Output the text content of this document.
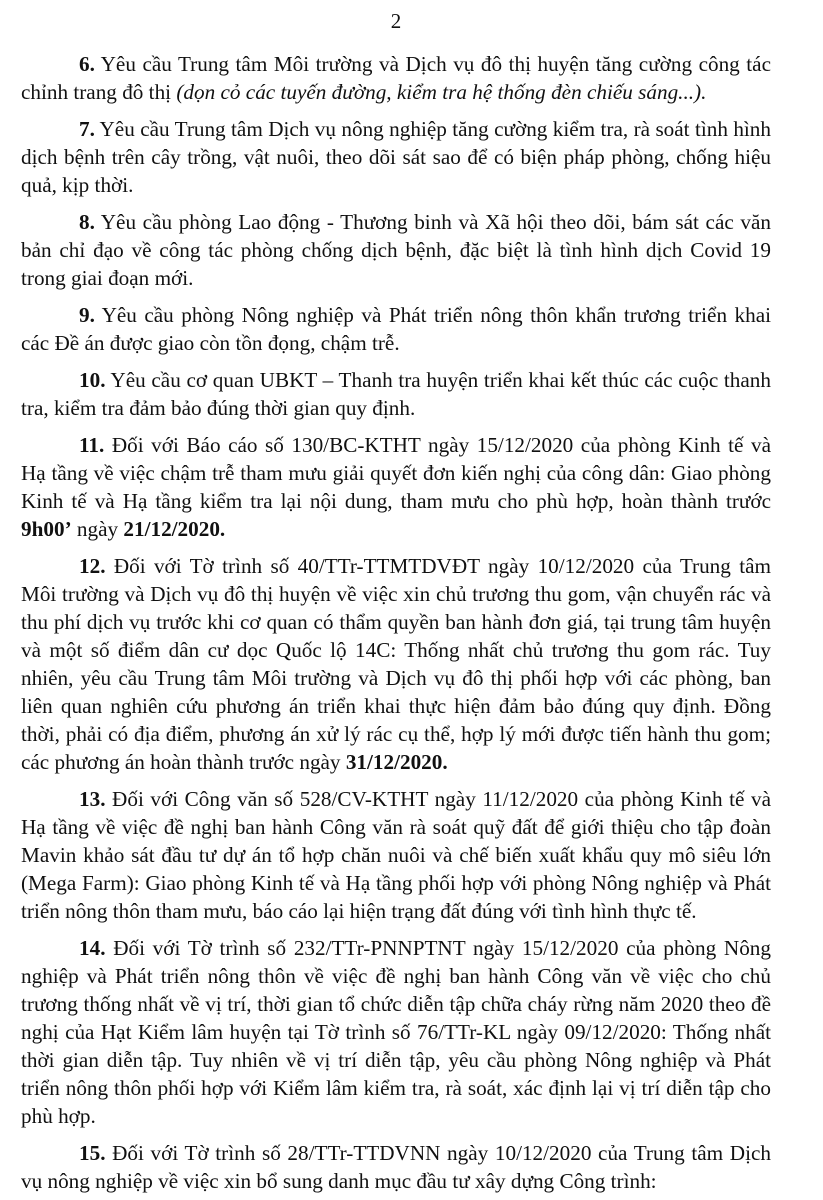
2

6. Yêu cầu Trung tâm Môi trường và Dịch vụ đô thị huyện tăng cường công tác chỉnh trang đô thị (dọn cỏ các tuyến đường, kiểm tra hệ thống đèn chiếu sáng...).

7. Yêu cầu Trung tâm Dịch vụ nông nghiệp tăng cường kiểm tra, rà soát tình hình dịch bệnh trên cây trồng, vật nuôi, theo dõi sát sao để có biện pháp phòng, chống hiệu quả, kịp thời.

8. Yêu cầu phòng Lao động - Thương binh và Xã hội theo dõi, bám sát các văn bản chỉ đạo về công tác phòng chống dịch bệnh, đặc biệt là tình hình dịch Covid 19 trong giai đoạn mới.

9. Yêu cầu phòng Nông nghiệp và Phát triển nông thôn khẩn trương triển khai các Đề án được giao còn tồn đọng, chậm trễ.

10. Yêu cầu cơ quan UBKT – Thanh tra huyện triển khai kết thúc các cuộc thanh tra, kiểm tra đảm bảo đúng thời gian quy định.

11. Đối với Báo cáo số 130/BC-KTHT ngày 15/12/2020 của phòng Kinh tế và Hạ tầng về việc chậm trễ tham mưu giải quyết đơn kiến nghị của công dân: Giao phòng Kinh tế và Hạ tầng kiểm tra lại nội dung, tham mưu cho phù hợp, hoàn thành trước 9h00’ ngày 21/12/2020.

12. Đối với Tờ trình số 40/TTr-TTMTDVĐT ngày 10/12/2020 của Trung tâm Môi trường và Dịch vụ đô thị huyện về việc xin chủ trương thu gom, vận chuyển rác và thu phí dịch vụ trước khi cơ quan có thẩm quyền ban hành đơn giá, tại trung tâm huyện và một số điểm dân cư dọc Quốc lộ 14C: Thống nhất chủ trương thu gom rác. Tuy nhiên, yêu cầu Trung tâm Môi trường và Dịch vụ đô thị phối hợp với các phòng, ban liên quan nghiên cứu phương án triển khai thực hiện đảm bảo đúng quy định. Đồng thời, phải có địa điểm, phương án xử lý rác cụ thể, hợp lý mới được tiến hành thu gom; các phương án hoàn thành trước ngày 31/12/2020.

13. Đối với Công văn số 528/CV-KTHT ngày 11/12/2020 của phòng Kinh tế và Hạ tầng về việc đề nghị ban hành Công văn rà soát quỹ đất để giới thiệu cho tập đoàn Mavin khảo sát đầu tư dự án tổ hợp chăn nuôi và chế biến xuất khẩu quy mô siêu lớn (Mega Farm): Giao phòng Kinh tế và Hạ tầng phối hợp với phòng Nông nghiệp và Phát triển nông thôn tham mưu, báo cáo lại hiện trạng đất đúng với tình hình thực tế.

14. Đối với Tờ trình số 232/TTr-PNNPTNT ngày 15/12/2020 của phòng Nông nghiệp và Phát triển nông thôn về việc đề nghị ban hành Công văn về việc cho chủ trương thống nhất về vị trí, thời gian tổ chức diễn tập chữa cháy rừng năm 2020 theo đề nghị của Hạt Kiểm lâm huyện tại Tờ trình số 76/TTr-KL ngày 09/12/2020: Thống nhất thời gian diễn tập. Tuy nhiên về vị trí diễn tập, yêu cầu phòng Nông nghiệp và Phát triển nông thôn phối hợp với Kiểm lâm kiểm tra, rà soát, xác định lại vị trí diễn tập cho phù hợp.

15. Đối với Tờ trình số 28/TTr-TTDVNN ngày 10/12/2020 của Trung tâm Dịch vụ nông nghiệp về việc xin bổ sung danh mục đầu tư xây dựng Công trình:
